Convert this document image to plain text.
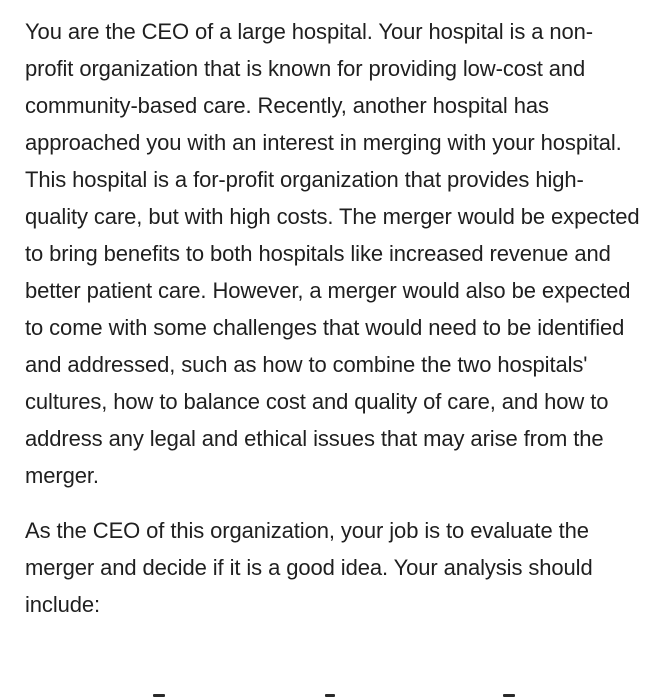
You are the CEO of a large hospital. Your hospital is a non-profit organization that is known for providing low-cost and community-based care. Recently, another hospital has approached you with an interest in merging with your hospital. This hospital is a for-profit organization that provides high-quality care, but with high costs. The merger would be expected to bring benefits to both hospitals like increased revenue and better patient care. However, a merger would also be expected to come with some challenges that would need to be identified and addressed, such as how to combine the two hospitals' cultures, how to balance cost and quality of care, and how to address any legal and ethical issues that may arise from the merger.

As the CEO of this organization, your job is to evaluate the merger and decide if it is a good idea. Your analysis should include:
